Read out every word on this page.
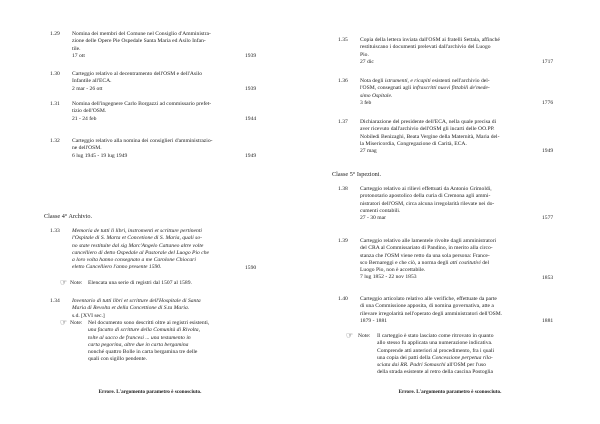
1.29 Nomina dei membri del Comune nel Consiglio d'Amministra-
zione delle Opere Pie Ospedale Santa Maria ed Asilo Infan-
tile.
17 ott	1939
1.30 Carteggio relativo al decentramento dell'OSM e dell'Asilo
Infantile all'ECA.
2 mar - 26 ott	1939
1.31 Nomina dell'ingegnere Carlo Borgazzi ad commissario prefet-
tizio dell'OSM.
21 - 24 feb	1944
1.32 Carteggio relativo alla nomina dei consiglieri d'amministrazio-
ne dell'OSM.
6 lug 1945 - 19 lug 1949	1949
Classe 4° Archivio.
1.33 Memoria de tutti li libri, instromenti et scritture pertinenti
l'Ospitale di S. Marta et Concetione di S. Maria, quali so-
no state restituite dal sig Marc'Angelo Cattaneo altre volte
cancelliero di detto Ospedale al Pastorale del Luogo Pio che
a loro volta hanno consegnato a me Carolone Chiocari
eletto Cancelliero l'anno presente 1590.	1590
☞ Note: Elencata una serie di registri dal 1507 al 1589.
1.34 Inventario di tutti libri et scritture dell'Hospitale di Santa
Maria di Revolta et della Concettione di S.ta Maria.
s.d. [XVI sec.]
☞ Note: Nel documento sono descritti oltre ai registri esistenti,
una facatto di scritture della Comunità di Rivolta,
tolte al sacco de francesi ... una testamento in
carta pegorina, altre due in carta bergamina
nonché quattro Bolle in carta bergamina tre delle
quali con sigillo pendente.
Errore. L'argomento parametro è sconosciuto.
1.35 Copia della lettera inviata dall'OSM ai fratelli Settala, affinché
restituiscano i documenti prelevati dall'archivio del Luogo
Pio.
27 dic	1717
1.36 Nota degli istrumenti, e ricapiti esistenti nell'archivio del-
l'OSM, consegnati agli infrascritti nuovi fittabili de'mede-
simo Ospitale.
3 feb	1776
1.37 Dichiarazione del presidente dell'ECA, nella quale precisa di
aver ricevuto dall'archivio dell'OSM gli incarti delle OO.PP.
Nobiledi Benizaghi, Beata Vergine della Maternità, Maria del-
la Misericordia, Congregazione di Carità, ECA.
27 mag	1949
Classe 5° Ispezioni.
1.38 Carteggio relativo ai rilievi effettuati da Antonio Grimoldi,
protonotario apostolico della curia di Cremona agli ammi-
nistratori dell'OSM, circa alcuna irregolarità rilevate nei do-
cumenti contabili.
27 - 30 mar	1577
1.39 Carteggio relativo alle lamentele rivolte dagli amministratori
del CRA al Commissariato di Pandino, in merito alla circo-
stanza che l'OSM viene retto da una sola persona: France-
sco Bernareggi e che ciò, a norma degli atti costitutivi del
Luogo Pio, non è accettabile.
7 lug 1852 - 22 nov 1853	1853
1.40 Carteggio articolato relativo alle verifiche, effettuate da parte
di una Commissione apposita, di nomina governativa, atte a
rilevare irregolarità nell'operato degli amministratori dell'OSM.
1879 - 1881	1881
☞ Note: Il carteggio è stato lasciato come ritrovato in quanto
allo stesso fu applicata una numerazione indicativa.
Comprende atti anteriori al procedimento, fra i quali
una copia dei patti della Concessione perpetua rila-
sciata dai RR. Padri Somaschi all'OSM per l'uso
della strada esistente al retro della cascina Postoglia
Errore. L'argomento parametro è sconosciuto.
